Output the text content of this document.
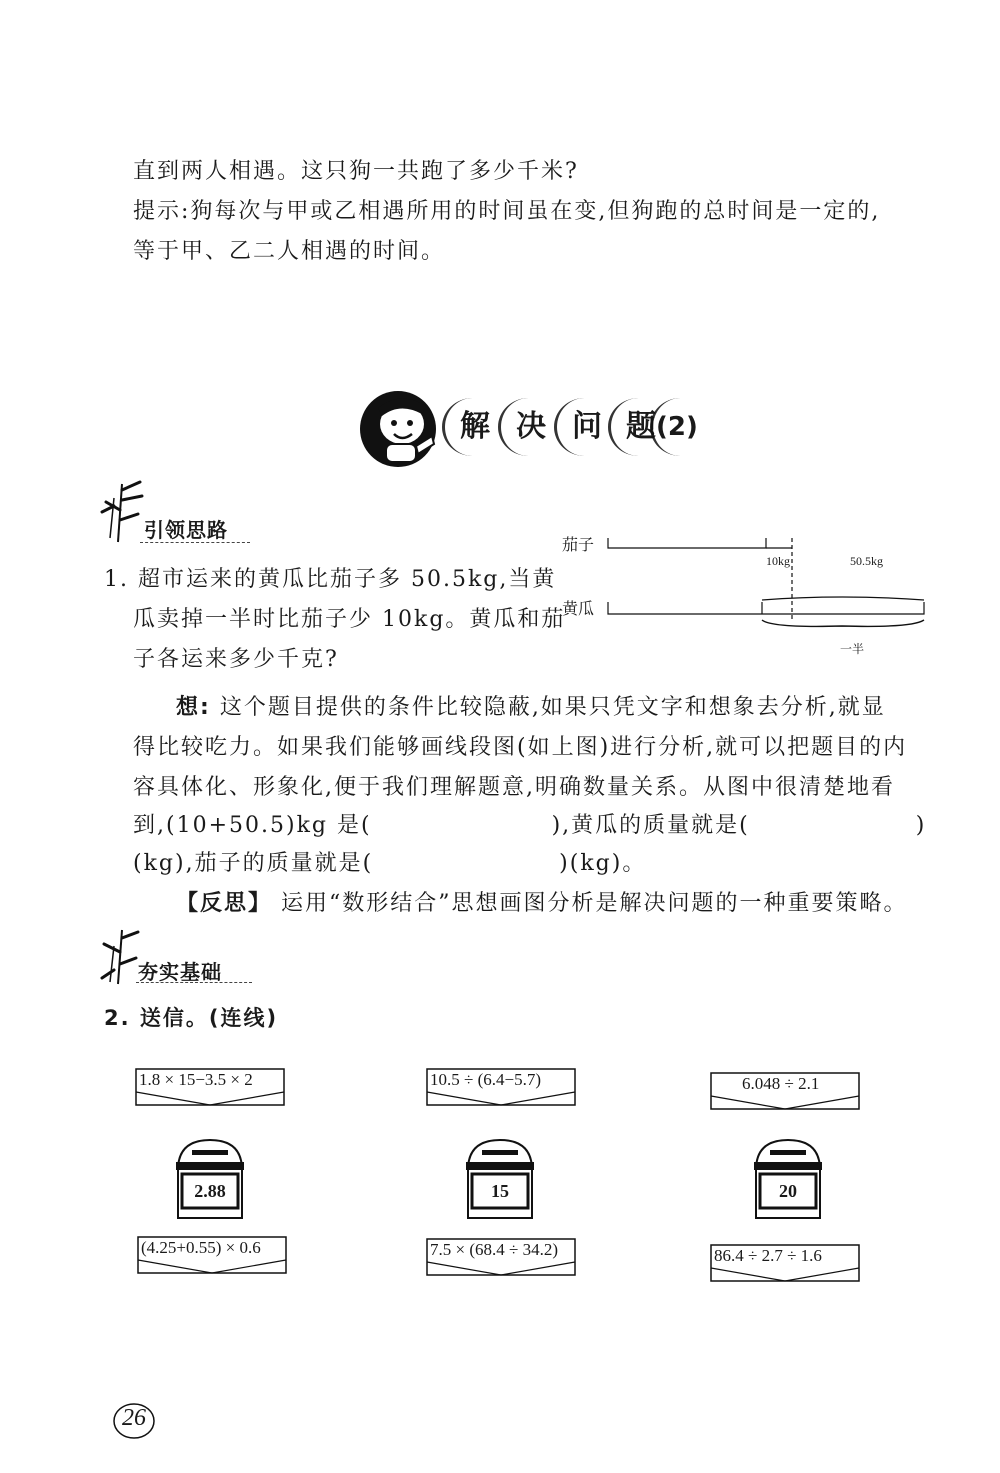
直到两人相遇。这只狗一共跑了多少千米?
提示:狗每次与甲或乙相遇所用的时间虽在变,但狗跑的总时间是一定的,
等于甲、乙二人相遇的时间。
解 决 问 题 (2)
引领思路
1. 超市运来的黄瓜比茄子多 50.5kg,当黄
瓜卖掉一半时比茄子少 10kg。黄瓜和茄
子各运来多少千克?
茄子
黄瓜
10kg	50.5kg
一半
想: 这个题目提供的条件比较隐蔽,如果只凭文字和想象去分析,就显
得比较吃力。如果我们能够画线段图(如上图)进行分析,就可以把题目的内
容具体化、形象化,便于我们理解题意,明确数量关系。从图中很清楚地看
到,(10+50.5)kg 是(	),黄瓜的质量就是(	)
(kg),茄子的质量就是(	)(kg)。
【反思】 运用“数形结合”思想画图分析是解决问题的一种重要策略。
夯实基础
2. 送信。(连线)
1.8 × 15−3.5 × 2	10.5 ÷ (6.4−5.7)	6.048 ÷ 2.1
2.88	15	20
(4.25+0.55) × 0.6	7.5 × (68.4 ÷ 34.2)	86.4 ÷ 2.7 ÷ 1.6
26
